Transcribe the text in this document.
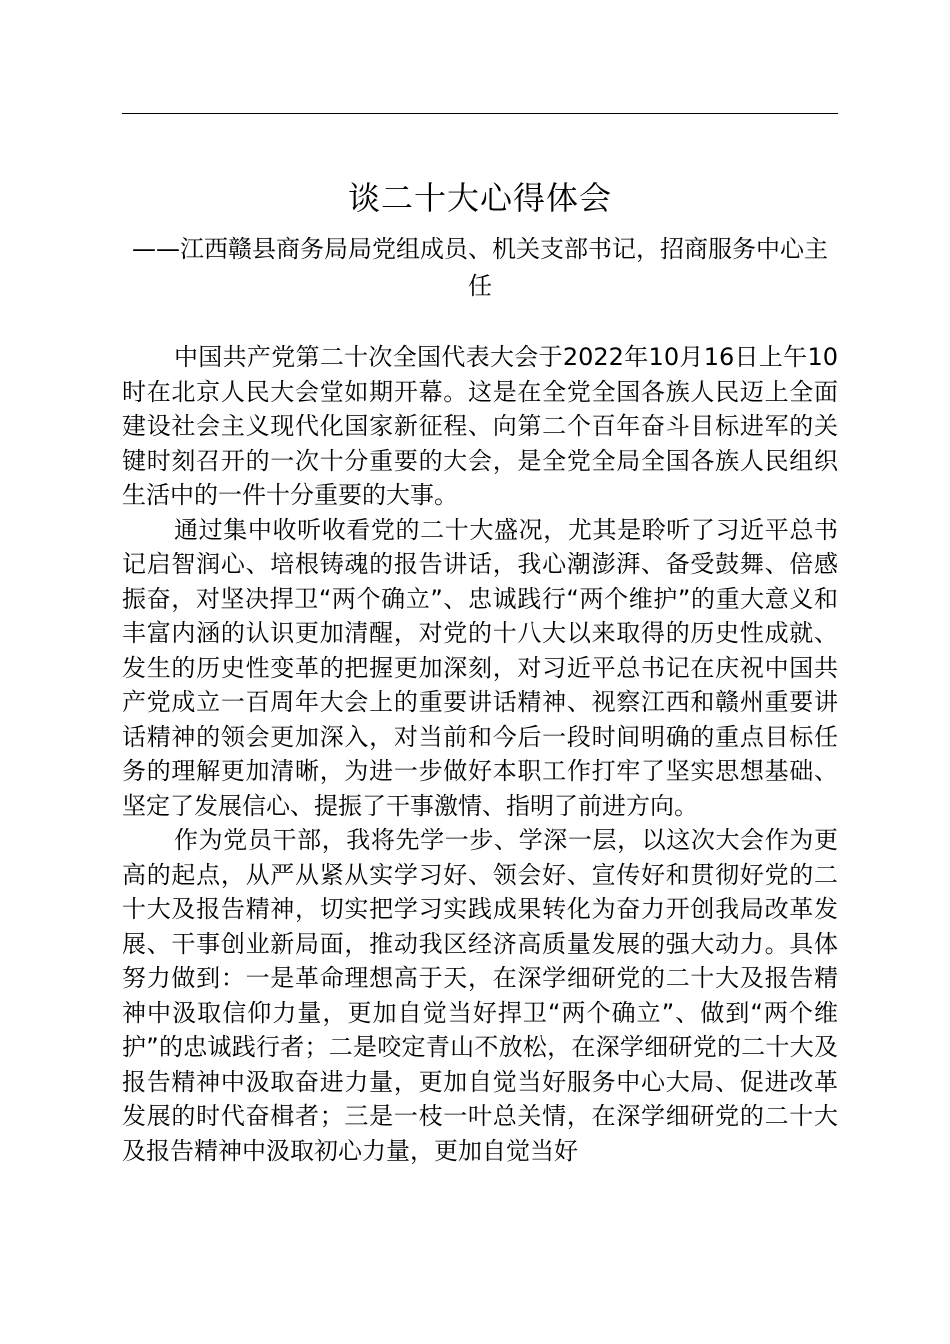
谈二十大心得体会
——江西赣县商务局局党组成员、机关支部书记，招商服务中心主任

中国共产党第二十次全国代表大会于2022年10月16日上午10时在北京人民大会堂如期开幕。这是在全党全国各族人民迈上全面建设社会主义现代化国家新征程、向第二个百年奋斗目标进军的关键时刻召开的一次十分重要的大会，是全党全局全国各族人民组织生活中的一件十分重要的大事。

通过集中收听收看党的二十大盛况，尤其是聆听了习近平总书记启智润心、培根铸魂的报告讲话，我心潮澎湃、备受鼓舞、倍感振奋，对坚决捍卫“两个确立”、忠诚践行“两个维护”的重大意义和丰富内涵的认识更加清醒，对党的十八大以来取得的历史性成就、发生的历史性变革的把握更加深刻，对习近平总书记在庆祝中国共产党成立一百周年大会上的重要讲话精神、视察江西和赣州重要讲话精神的领会更加深入，对当前和今后一段时间明确的重点目标任务的理解更加清晰，为进一步做好本职工作打牢了坚实思想基础、坚定了发展信心、提振了干事激情、指明了前进方向。

作为党员干部，我将先学一步、学深一层，以这次大会作为更高的起点，从严从紧从实学习好、领会好、宣传好和贯彻好党的二十大及报告精神，切实把学习实践成果转化为奋力开创我局改革发展、干事创业新局面，推动我区经济高质量发展的强大动力。具体努力做到：一是革命理想高于天，在深学细研党的二十大及报告精神中汲取信仰力量，更加自觉当好捍卫“两个确立”、做到“两个维护”的忠诚践行者；二是咬定青山不放松，在深学细研党的二十大及报告精神中汲取奋进力量，更加自觉当好服务中心大局、促进改革发展的时代奋楫者；三是一枝一叶总关情，在深学细研党的二十大及报告精神中汲取初心力量，更加自觉当好
